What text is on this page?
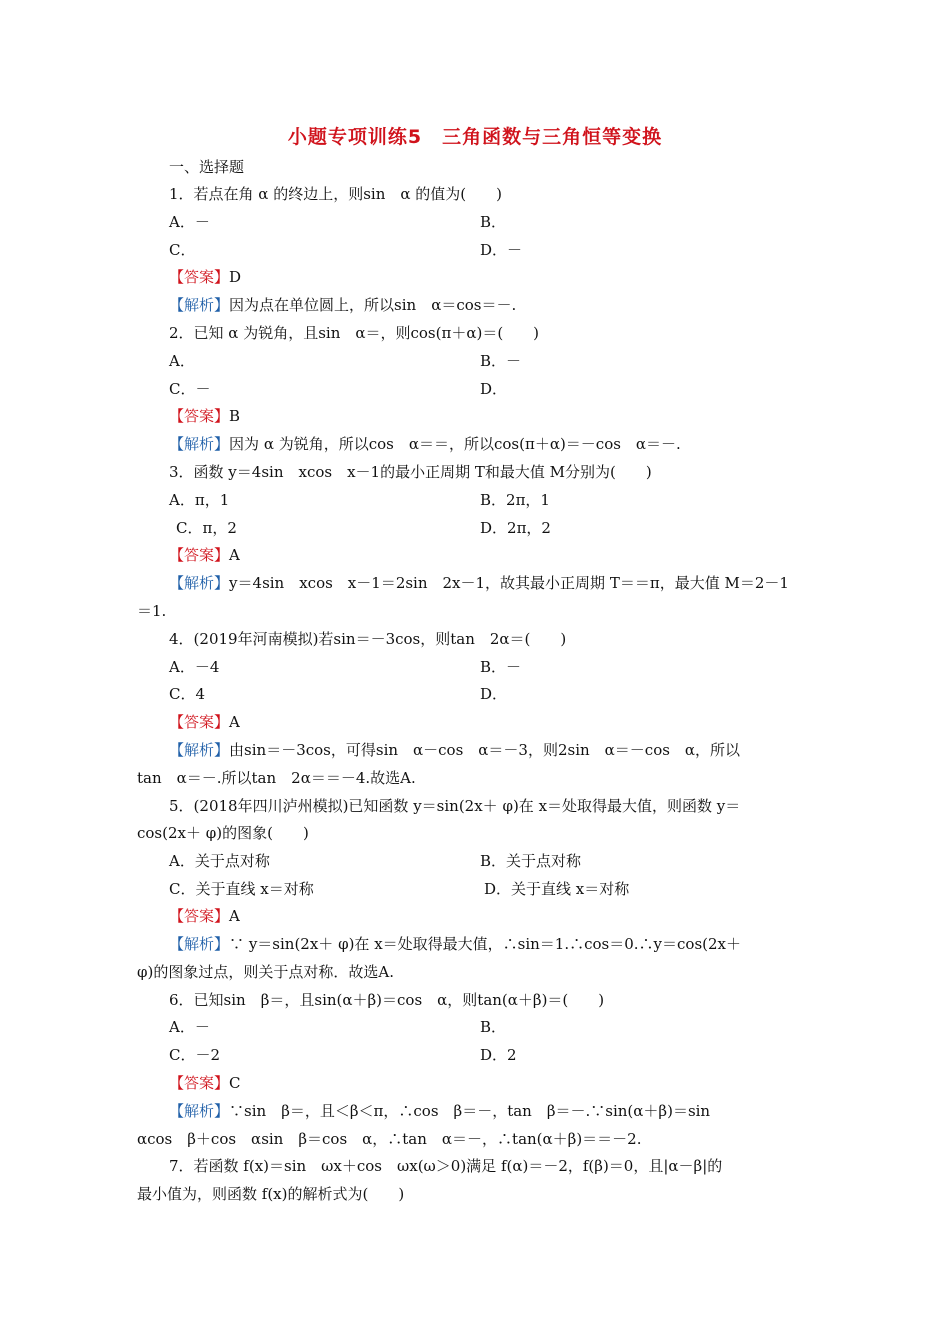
小题专项训练5　三角函数与三角恒等变换
一、选择题
1．若点在角 α 的终边上，则sin　α 的值为(　　)
A．－	B．
C．	D．－
【答案】D
【解析】因为点在单位圆上，所以sin　α＝cos＝－.
2．已知 α 为锐角，且sin　α＝，则cos(π＋α)＝(　　)
A．	B．－
C．－	D．
【答案】B
【解析】因为 α 为锐角，所以cos　α＝＝，所以cos(π＋α)＝－cos　α＝－.
3．函数 y＝4sin　xcos　x－1的最小正周期 T和最大值 M分别为(　　)
A．π，1	B．2π，1
C．π，2	D．2π，2
【答案】A
【解析】y＝4sin　xcos　x－1＝2sin　2x－1，故其最小正周期 T＝＝π，最大值 M＝2－1
＝1.
4．(2019年河南模拟)若sin＝－3cos，则tan　2α＝(　　)
A．－4	B．－
C．4	D．
【答案】A
【解析】由sin＝－3cos，可得sin　α－cos　α＝－3，则2sin　α＝－cos　α，所以
tan　α＝－.所以tan　2α＝＝－4.故选A.
5．(2018年四川泸州模拟)已知函数 y＝sin(2x＋ φ)在 x＝处取得最大值，则函数 y＝
cos(2x＋ φ)的图象(　　)
A．关于点对称	B．关于点对称
C．关于直线 x＝对称	D．关于直线 x＝对称
【答案】A
【解析】∵ y＝sin(2x＋ φ)在 x＝处取得最大值，∴sin＝1.∴cos＝0.∴y＝cos(2x＋
φ)的图象过点，则关于点对称．故选A.
6．已知sin　β＝，且sin(α＋β)＝cos　α，则tan(α＋β)＝(　　)
A．－	B．
C．－2	D．2
【答案】C
【解析】∵sin　β＝，且＜β＜π，∴cos　β＝－，tan　β＝－.∵sin(α＋β)＝sin
αcos　β＋cos　αsin　β＝cos　α，∴tan　α＝－，∴tan(α＋β)＝＝－2.
7．若函数 f(x)＝sin　ωx＋cos　ωx(ω＞0)满足 f(α)＝－2，f(β)＝0，且|α－β|的
最小值为，则函数 f(x)的解析式为(　　)
